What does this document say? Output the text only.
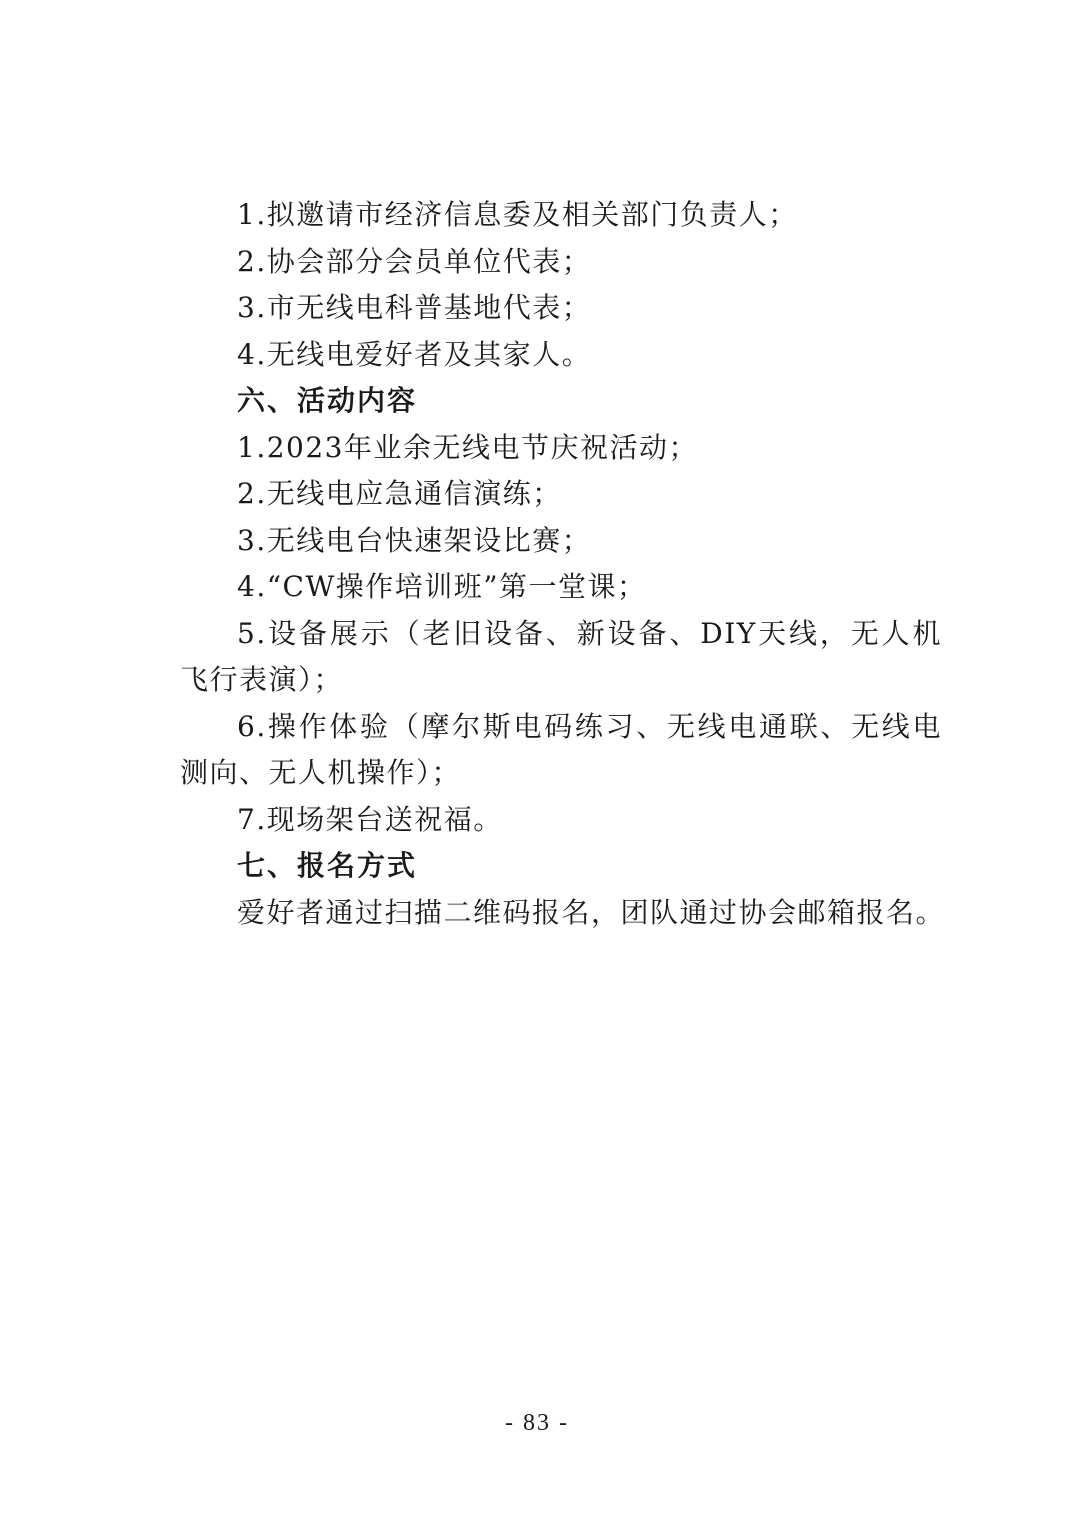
1.拟邀请市经济信息委及相关部门负责人；

2.协会部分会员单位代表；

3.市无线电科普基地代表；

4.无线电爱好者及其家人。

六、活动内容

1.2023年业余无线电节庆祝活动；

2.无线电应急通信演练；

3.无线电台快速架设比赛；

4.“CW操作培训班”第一堂课；

5.设备展示（老旧设备、新设备、DIY天线，无人机飞行表演）；

6.操作体验（摩尔斯电码练习、无线电通联、无线电测向、无人机操作）；

7.现场架台送祝福。

七、报名方式

爱好者通过扫描二维码报名，团队通过协会邮箱报名。

- 83 -
